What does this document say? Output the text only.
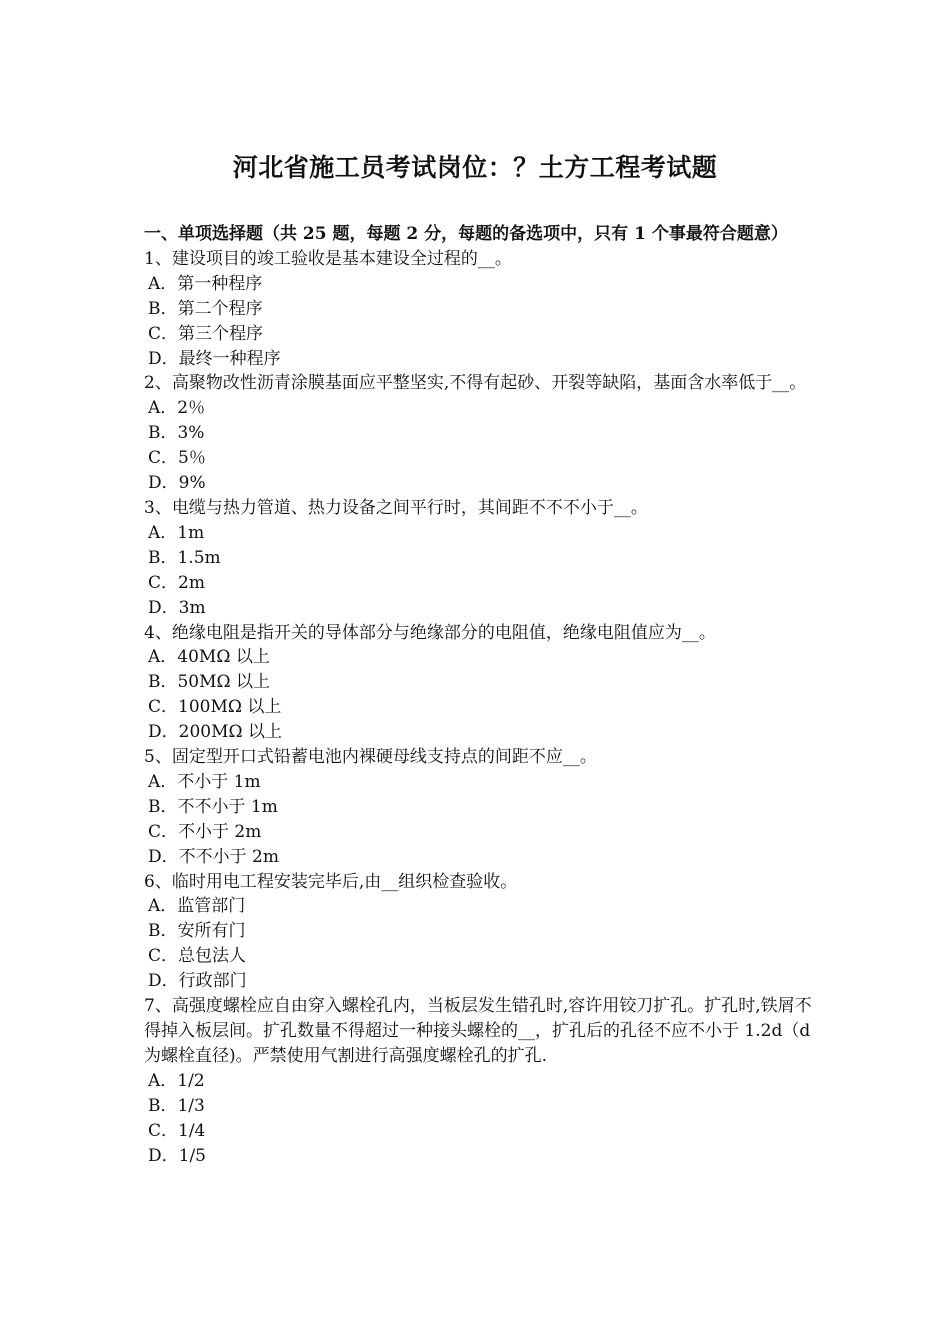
河北省施工员考试岗位：？土方工程考试题

一、单项选择题（共 25 题，每题 2 分，每题的备选项中，只有 1 个事最符合题意）

1、建设项目的竣工验收是基本建设全过程的__。

A．第一种程序

B．第二个程序

C．第三个程序

D．最终一种程序

2、高聚物改性沥青涂膜基面应平整坚实,不得有起砂、开裂等缺陷，基面含水率低于__。

A．2％

B．3%

C．5％

D．9%

3、电缆与热力管道、热力设备之间平行时，其间距不不不小于__。

A．1m

B．1.5m

C．2m

D．3m

4、绝缘电阻是指开关的导体部分与绝缘部分的电阻值，绝缘电阻值应为__。

A．40MΩ 以上

B．50MΩ 以上

C．100MΩ 以上

D．200MΩ 以上

5、固定型开口式铅蓄电池内裸硬母线支持点的间距不应__。

A．不小于 1m

B．不不小于 1m

C．不小于 2m

D．不不小于 2m

6、临时用电工程安装完毕后,由__组织检查验收。

A．监管部门

B．安所有门

C．总包法人

D．行政部门

7、高强度螺栓应自由穿入螺栓孔内，当板层发生错孔时,容许用铰刀扩孔。扩孔时,铁屑不得掉入板层间。扩孔数量不得超过一种接头螺栓的__，扩孔后的孔径不应不小于 1.2d（d 为螺栓直径)。严禁使用气割进行高强度螺栓孔的扩孔.

A．1/2

B．1/3

C．1/4

D．1/5
